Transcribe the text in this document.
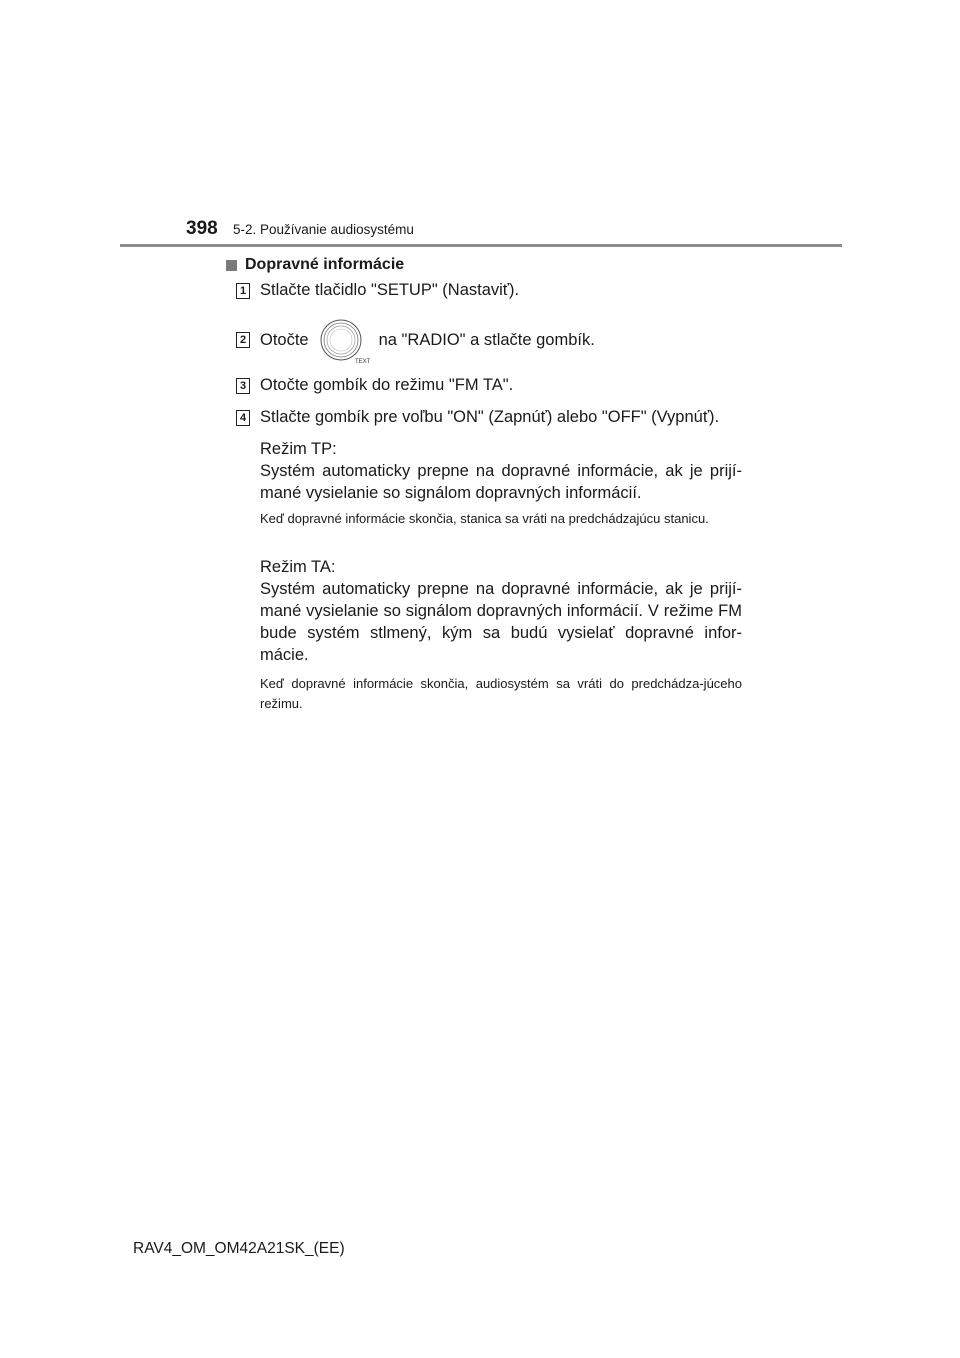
398 5-2. Používanie audiosystému
Dopravné informácie
1 Stlačte tlačidlo "SETUP" (Nastaviť).
2 Otočte
TEXT
na "RADIO" a stlačte gombík.
3 Otočte gombík do režimu "FM TA".
4 Stlačte gombík pre voľbu "ON" (Zapnúť) alebo "OFF" (Vypnúť).
Režim TP:
Systém automaticky prepne na dopravné informácie, ak je prijí-mané vysielanie so signálom dopravných informácií.
Keď dopravné informácie skončia, stanica sa vráti na predchádzajúcu stanicu.
Režim TA:
Systém automaticky prepne na dopravné informácie, ak je prijí-mané vysielanie so signálom dopravných informácií. V režime FM bude systém stlmený, kým sa budú vysielať dopravné infor-mácie.
Keď dopravné informácie skončia, audiosystém sa vráti do predchádza-júceho režimu.
RAV4_OM_OM42A21SK_(EE)
